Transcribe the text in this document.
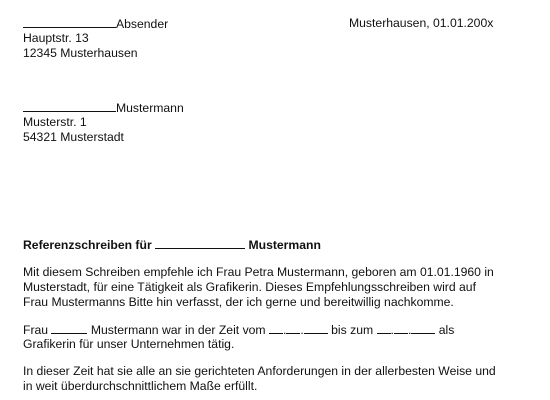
Absender
Hauptstr. 13
12345 Musterhausen
Musterhausen, 01.01.200x
Mustermann
Musterstr. 1
54321 Musterstadt
Referenzschreiben für	Mustermann
Mit diesem Schreiben empfehle ich Frau Petra Mustermann, geboren am 01.01.1960 in
Musterstadt, für eine Tätigkeit als Grafikerin. Dieses Empfehlungsschreiben wird auf
Frau Mustermanns Bitte hin verfasst, der ich gerne und bereitwillig nachkomme.
Frau	Mustermann war in der Zeit vom . . bis zum . . als
Grafikerin für unser Unternehmen tätig.
In dieser Zeit hat sie alle an sie gerichteten Anforderungen in der allerbesten Weise und
in weit überdurchschnittlichem Maße erfüllt.
